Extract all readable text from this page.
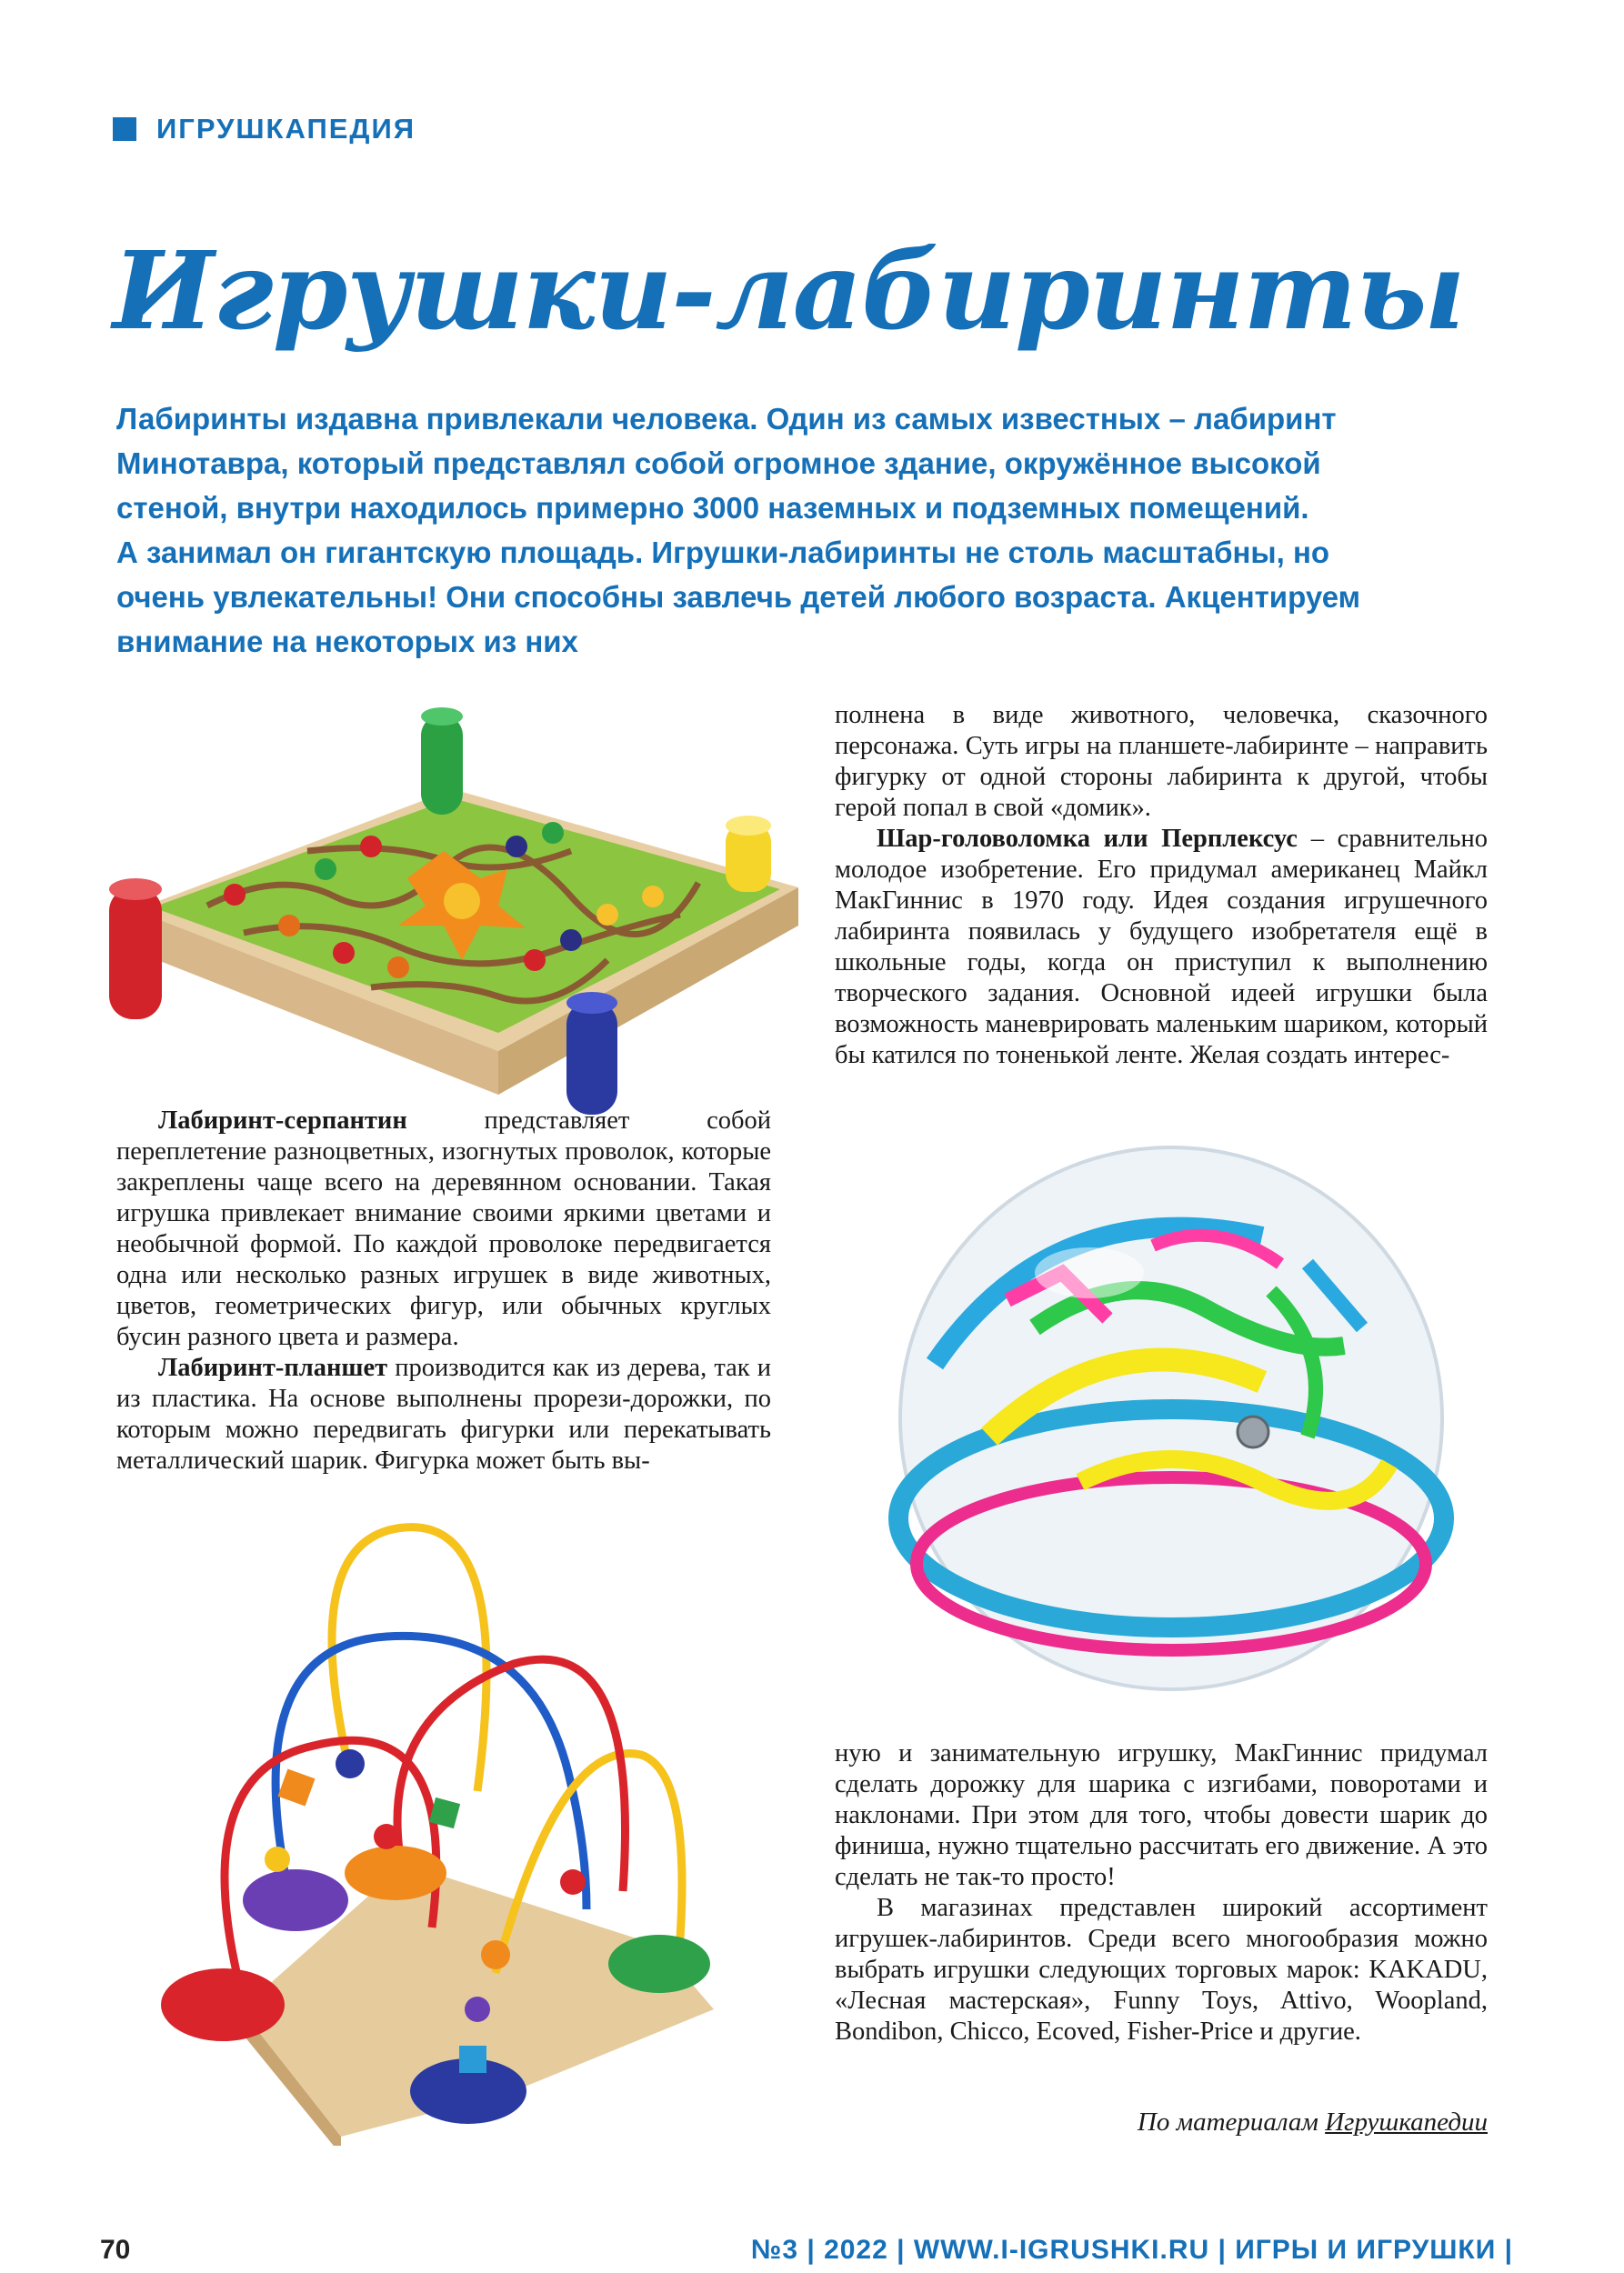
ИГРУШКАПЕДИЯ
Игрушки-лабиринты
Лабиринты издавна привлекали человека. Один из самых известных – лабиринт
Минотавра, который представлял собой огромное здание, окружённое высокой
стеной, внутри находилось примерно 3000 наземных и подземных помещений.
А занимал он гигантскую площадь. Игрушки-лабиринты не столь масштабны, но
очень увлекательны! Они способны завлечь детей любого возраста. Акцентируем
внимание на некоторых из них

полнена в виде животного, человечка, сказочного персонажа. Суть игры на планшете-лабиринте – направить фигурку от одной стороны лабиринта к другой, чтобы герой попал в свой «домик».

Шар-головоломка или Перплексус – сравнительно молодое изобретение. Его придумал американец Майкл МакГиннис в 1970 году. Идея создания игрушечного лабиринта появилась у будущего изобретателя ещё в школьные годы, когда он приступил к выполнению творческого задания. Основной идеей игрушки была возможность маневрировать маленьким шариком, который бы катился по тоненькой ленте. Желая создать интерес-

Лабиринт-серпантин представляет собой переплетение разноцветных, изогнутых проволок, которые закреплены чаще всего на деревянном основании. Такая игрушка привлекает внимание своими яркими цветами и необычной формой. По каждой проволоке передвигается одна или несколько разных игрушек в виде животных, цветов, геометрических фигур, или обычных круглых бусин разного цвета и размера.

Лабиринт-планшет производится как из дерева, так и из пластика. На основе выполнены прорези-дорожки, по которым можно передвигать фигурки или перекатывать металлический шарик. Фигурка может быть вы-

ную и занимательную игрушку, МакГиннис придумал сделать дорожку для шарика с изгибами, поворотами и наклонами. При этом для того, чтобы довести шарик до финиша, нужно тщательно рассчитать его движение. А это сделать не так-то просто!

В магазинах представлен широкий ассортимент игрушек-лабиринтов. Среди всего многообразия можно выбрать игрушки следующих торговых марок: KAKADU, «Лесная мастерская», Funny Toys, Attivo, Woopland, Bondibon, Chicco, Ecoved, Fisher-Price и другие.

По материалам Игрушкапедии
70	№3 | 2022 | WWW.I-IGRUSHKI.RU | ИГРЫ И ИГРУШКИ |
